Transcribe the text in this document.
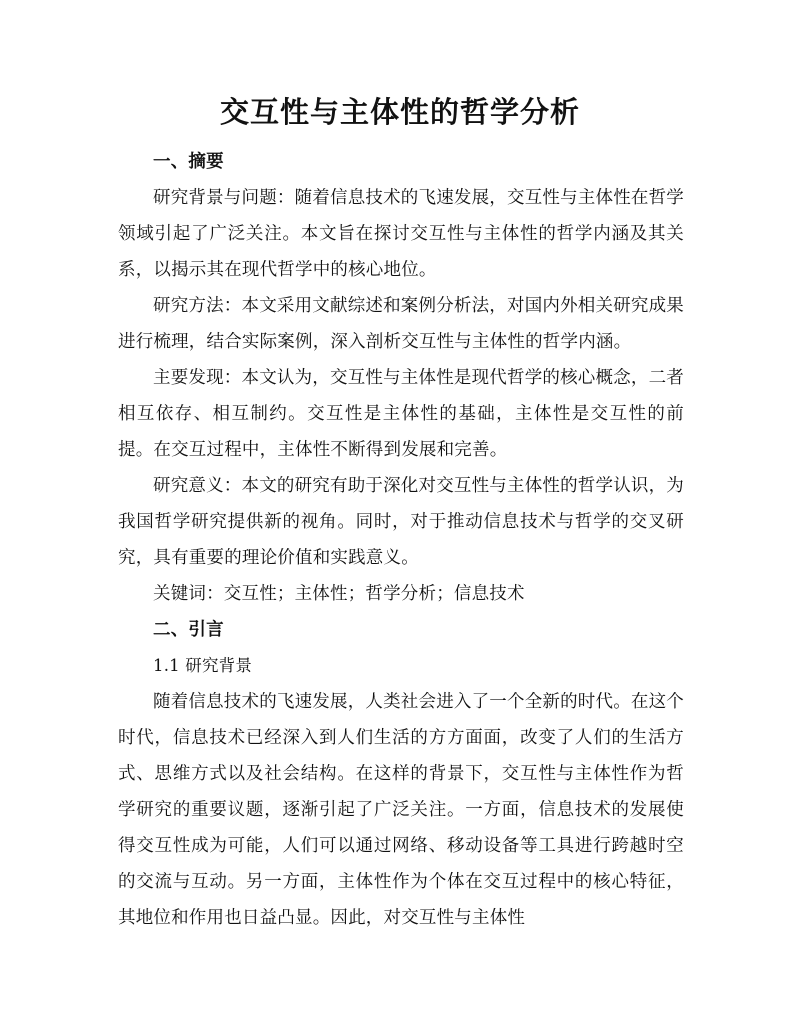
交互性与主体性的哲学分析
一、摘要

研究背景与问题：随着信息技术的飞速发展，交互性与主体性在哲学领域引起了广泛关注。本文旨在探讨交互性与主体性的哲学内涵及其关系，以揭示其在现代哲学中的核心地位。

研究方法：本文采用文献综述和案例分析法，对国内外相关研究成果进行梳理，结合实际案例，深入剖析交互性与主体性的哲学内涵。

主要发现：本文认为，交互性与主体性是现代哲学的核心概念，二者相互依存、相互制约。交互性是主体性的基础，主体性是交互性的前提。在交互过程中，主体性不断得到发展和完善。

研究意义：本文的研究有助于深化对交互性与主体性的哲学认识，为我国哲学研究提供新的视角。同时，对于推动信息技术与哲学的交叉研究，具有重要的理论价值和实践意义。

关键词：交互性；主体性；哲学分析；信息技术

二、引言

1.1 研究背景

随着信息技术的飞速发展，人类社会进入了一个全新的时代。在这个时代，信息技术已经深入到人们生活的方方面面，改变了人们的生活方式、思维方式以及社会结构。在这样的背景下，交互性与主体性作为哲学研究的重要议题，逐渐引起了广泛关注。一方面，信息技术的发展使得交互性成为可能，人们可以通过网络、移动设备等工具进行跨越时空的交流与互动。另一方面，主体性作为个体在交互过程中的核心特征，其地位和作用也日益凸显。因此，对交互性与主体性
